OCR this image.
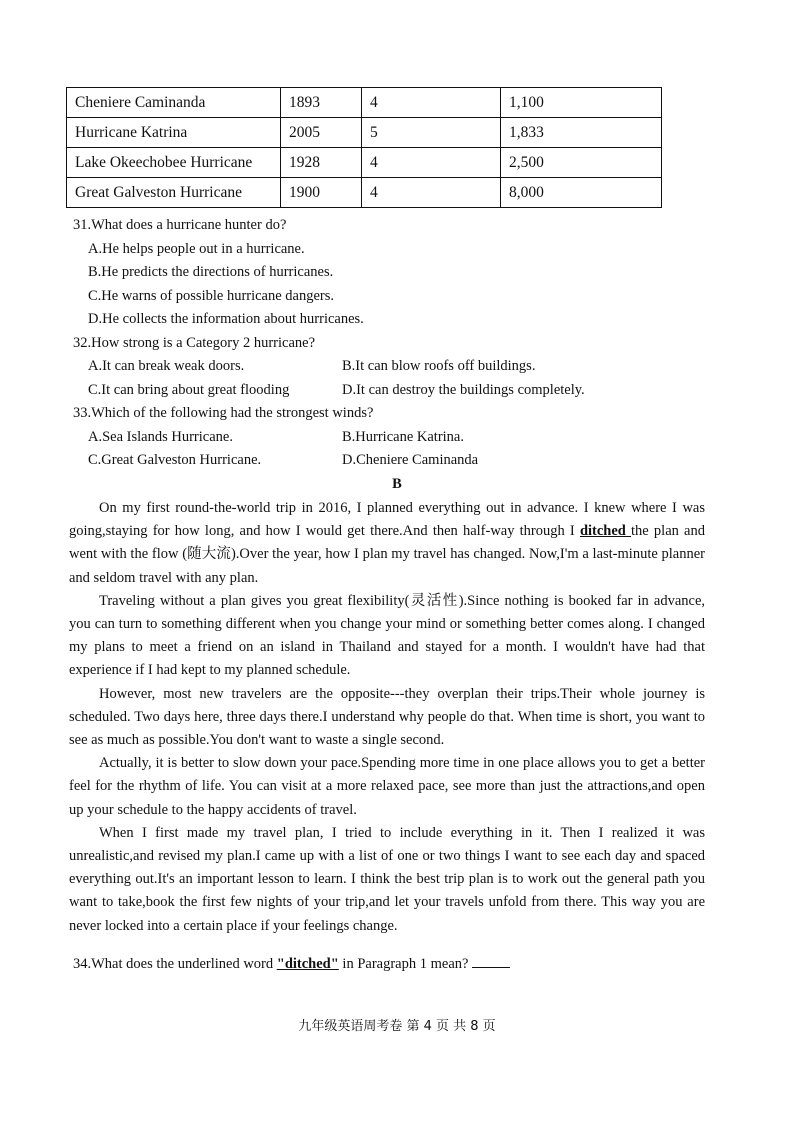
Cheniere Caminanda	1893	4	1,100
Hurricane Katrina	2005	5	1,833
Lake Okeechobee Hurricane	1928	4	2,500
Great Galveston Hurricane	1900	4	8,000
31.What does a hurricane hunter do?
A.He helps people out in a hurricane.
B.He predicts the directions of hurricanes.
C.He warns of possible hurricane dangers.
D.He collects the information about hurricanes.
32.How strong is a Category 2 hurricane?
A.It can break weak doors.	B.It can blow roofs off buildings.
C.It can bring about great flooding	D.It can destroy the buildings completely.
33.Which of the following had the strongest winds?
A.Sea Islands Hurricane.	B.Hurricane Katrina.
C.Great Galveston Hurricane.	D.Cheniere Caminanda
B

On my first round-the-world trip in 2016, I planned everything out in advance. I knew where I was going,staying for how long, and how I would get there.And then half-way through I ditched the plan and went with the flow (随大流).Over the year, how I plan my travel has changed. Now,I'm a last-minute planner and seldom travel with any plan.

Traveling without a plan gives you great flexibility(灵活性).Since nothing is booked far in advance, you can turn to something different when you change your mind or something better comes along. I changed my plans to meet a friend on an island in Thailand and stayed for a month. I wouldn't have had that experience if I had kept to my planned schedule.

However, most new travelers are the opposite---they overplan their trips.Their whole journey is scheduled. Two days here, three days there.I understand why people do that. When time is short, you want to see as much as possible.You don't want to waste a single second.

Actually, it is better to slow down your pace.Spending more time in one place allows you to get a better feel for the rhythm of life. You can visit at a more relaxed pace, see more than just the attractions,and open up your schedule to the happy accidents of travel.

When I first made my travel plan, I tried to include everything in it. Then I realized it was unrealistic,and revised my plan.I came up with a list of one or two things I want to see each day and spaced everything out.It's an important lesson to learn. I think the best trip plan is to work out the general path you want to take,book the first few nights of your trip,and let your travels unfold from there. This way you are never locked into a certain place if your feelings change.

34.What does the underlined word "ditched" in Paragraph 1 mean?
九年级英语周考卷 第 4 页 共 8 页
